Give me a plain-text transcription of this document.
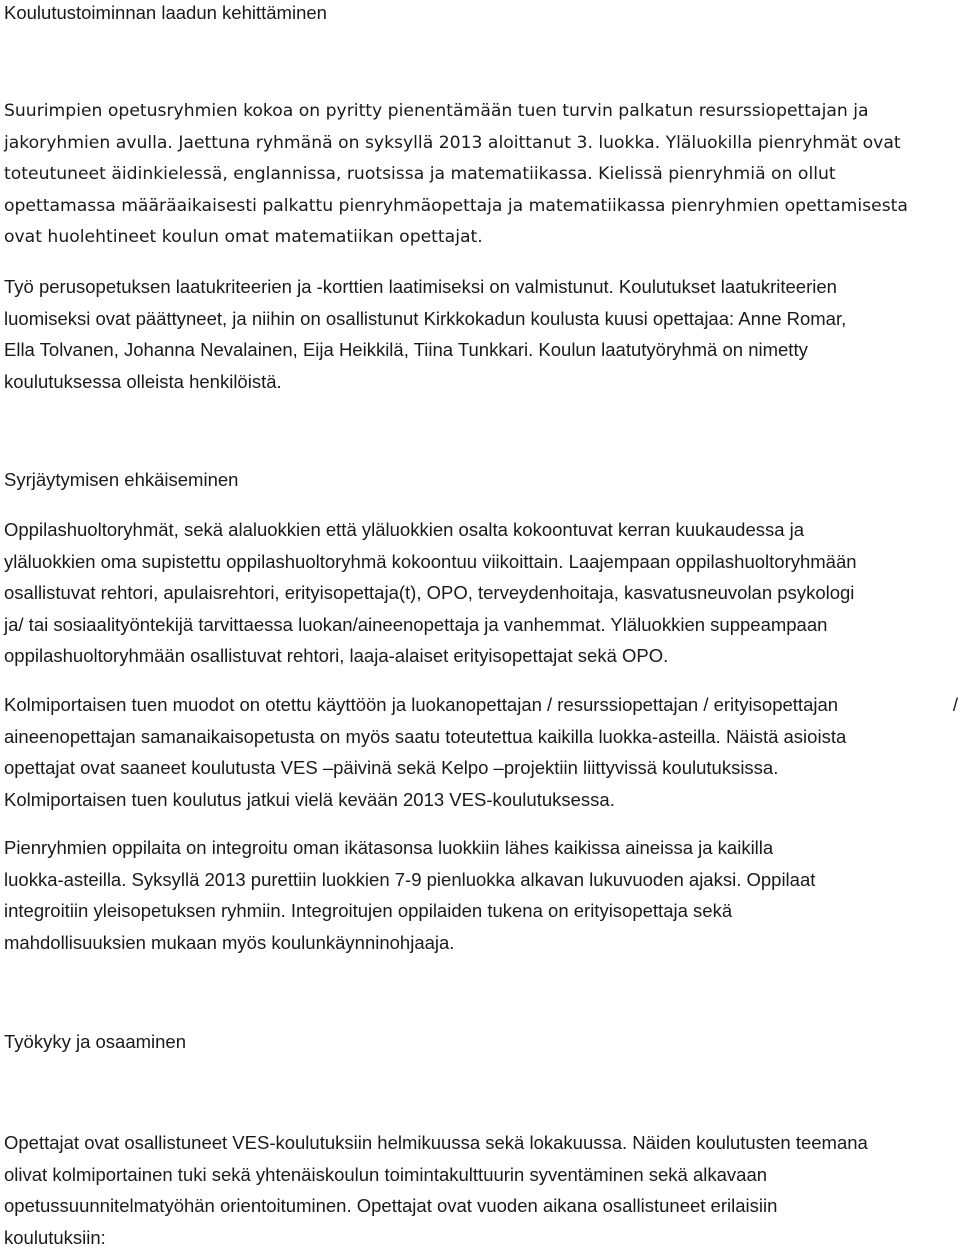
Koulutustoiminnan laadun kehittäminen
Suurimpien opetusryhmien kokoa on pyritty pienentämään tuen turvin palkatun resurssiopettajan ja
jakoryhmien avulla. Jaettuna ryhmänä on syksyllä 2013 aloittanut 3. luokka. Yläluokilla pienryhmät ovat
toteutuneet äidinkielessä, englannissa, ruotsissa ja matematiikassa. Kielissä pienryhmiä on ollut
opettamassa määräaikaisesti palkattu pienryhmäopettaja ja matematiikassa pienryhmien opettamisesta
ovat huolehtineet koulun omat matematiikan opettajat.
Työ perusopetuksen laatukriteerien ja -korttien laatimiseksi on valmistunut. Koulutukset laatukriteerien
luomiseksi ovat päättyneet, ja niihin on osallistunut Kirkkokadun koulusta kuusi opettajaa: Anne Romar,
Ella Tolvanen, Johanna Nevalainen, Eija Heikkilä, Tiina Tunkkari. Koulun laatutyöryhmä on nimetty
koulutuksessa olleista henkilöistä.
Syrjäytymisen ehkäiseminen
Oppilashuoltoryhmät, sekä alaluokkien että yläluokkien osalta kokoontuvat kerran kuukaudessa ja
yläluokkien oma supistettu oppilashuoltoryhmä kokoontuu viikoittain. Laajempaan oppilashuoltoryhmään
osallistuvat rehtori, apulaisrehtori, erityisopettaja(t), OPO, terveydenhoitaja, kasvatusneuvolan psykologi
ja/ tai sosiaalityöntekijä tarvittaessa luokan/aineenopettaja ja vanhemmat. Yläluokkien suppeampaan
oppilashuoltoryhmään osallistuvat rehtori, laaja-alaiset erityisopettajat sekä OPO.
Kolmiportaisen tuen muodot on otettu käyttöön ja luokanopettajan / resurssiopettajan / erityisopettajan	/
aineenopettajan samanaikaisopetusta on myös saatu toteutettua kaikilla luokka-asteilla. Näistä asioista
opettajat ovat saaneet koulutusta VES –päivinä sekä Kelpo –projektiin liittyvissä koulutuksissa.
Kolmiportaisen tuen koulutus jatkui vielä kevään 2013 VES-koulutuksessa.
Pienryhmien oppilaita on integroitu oman ikätasonsa luokkiin lähes kaikissa aineissa ja kaikilla
luokka-asteilla. Syksyllä 2013 purettiin luokkien 7-9 pienluokka alkavan lukuvuoden ajaksi. Oppilaat
integroitiin yleisopetuksen ryhmiin. Integroitujen oppilaiden tukena on erityisopettaja sekä
mahdollisuuksien mukaan myös koulunkäynninohjaaja.
Työkyky ja osaaminen
Opettajat ovat osallistuneet VES-koulutuksiin helmikuussa sekä lokakuussa. Näiden koulutusten teemana
olivat kolmiportainen tuki sekä yhtenäiskoulun toimintakulttuurin syventäminen sekä alkavaan
opetussuunnitelmatyöhän orientoituminen. Opettajat ovat vuoden aikana osallistuneet erilaisiin
koulutuksiin:
